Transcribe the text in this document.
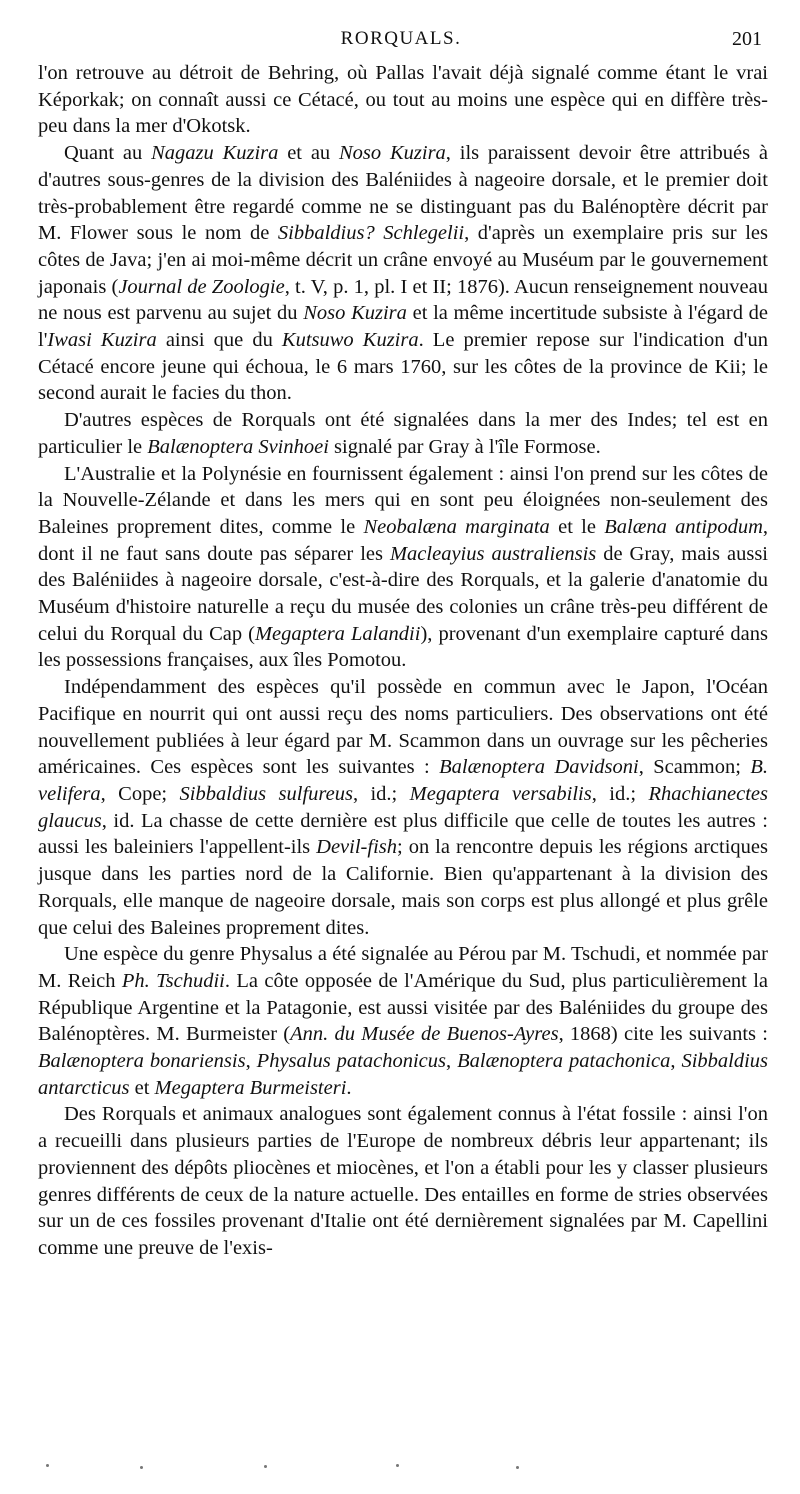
RORQUALS.	201

l'on retrouve au détroit de Behring, où Pallas l'avait déjà signalé comme étant le vrai Képorkak; on connaît aussi ce Cétacé, ou tout au moins une espèce qui en diffère très-peu dans la mer d'Okotsk.

Quant au Nagazu Kuzira et au Noso Kuzira, ils paraissent devoir être attribués à d'autres sous-genres de la division des Baléniides à nageoire dorsale, et le premier doit très-probablement être regardé comme ne se distinguant pas du Balénoptère décrit par M. Flower sous le nom de Sibbaldius? Schlegelii, d'après un exemplaire pris sur les côtes de Java; j'en ai moi-même décrit un crâne envoyé au Muséum par le gouvernement japonais (Journal de Zoologie, t. V, p. 1, pl. I et II; 1876). Aucun renseignement nouveau ne nous est parvenu au sujet du Noso Kuzira et la même incertitude subsiste à l'égard de l'Iwasi Kuzira ainsi que du Kutsuwo Kuzira. Le premier repose sur l'indication d'un Cétacé encore jeune qui échoua, le 6 mars 1760, sur les côtes de la province de Kii; le second aurait le facies du thon.

D'autres espèces de Rorquals ont été signalées dans la mer des Indes; tel est en particulier le Balænoptera Svinhoei signalé par Gray à l'île Formose.

L'Australie et la Polynésie en fournissent également : ainsi l'on prend sur les côtes de la Nouvelle-Zélande et dans les mers qui en sont peu éloignées non-seulement des Baleines proprement dites, comme le Neobalæna marginata et le Balæna antipodum, dont il ne faut sans doute pas séparer les Macleayius australiensis de Gray, mais aussi des Baléniides à nageoire dorsale, c'est-à-dire des Rorquals, et la galerie d'anatomie du Muséum d'histoire naturelle a reçu du musée des colonies un crâne très-peu différent de celui du Rorqual du Cap (Megaptera Lalandii), provenant d'un exemplaire capturé dans les possessions françaises, aux îles Pomotou.

Indépendamment des espèces qu'il possède en commun avec le Japon, l'Océan Pacifique en nourrit qui ont aussi reçu des noms particuliers. Des observations ont été nouvellement publiées à leur égard par M. Scammon dans un ouvrage sur les pêcheries américaines. Ces espèces sont les suivantes : Balænoptera Davidsoni, Scammon; B. velifera, Cope; Sibbaldius sulfureus, id.; Megaptera versabilis, id.; Rhachianectes glaucus, id. La chasse de cette dernière est plus difficile que celle de toutes les autres : aussi les baleiniers l'appellent-ils Devil-fish; on la rencontre depuis les régions arctiques jusque dans les parties nord de la Californie. Bien qu'appartenant à la division des Rorquals, elle manque de nageoire dorsale, mais son corps est plus allongé et plus grêle que celui des Baleines proprement dites.

Une espèce du genre Physalus a été signalée au Pérou par M. Tschudi, et nommée par M. Reich Ph. Tschudii. La côte opposée de l'Amérique du Sud, plus particulièrement la République Argentine et la Patagonie, est aussi visitée par des Baléniides du groupe des Balénoptères. M. Burmeister (Ann. du Musée de Buenos-Ayres, 1868) cite les suivants : Balænoptera bonariensis, Physalus patachonicus, Balænoptera patachonica, Sibbaldius antarcticus et Megaptera Burmeisteri.

Des Rorquals et animaux analogues sont également connus à l'état fossile : ainsi l'on a recueilli dans plusieurs parties de l'Europe de nombreux débris leur appartenant; ils proviennent des dépôts pliocènes et miocènes, et l'on a établi pour les y classer plusieurs genres différents de ceux de la nature actuelle. Des entailles en forme de stries observées sur un de ces fossiles provenant d'Italie ont été dernièrement signalées par M. Capellini comme une preuve de l'exis-
